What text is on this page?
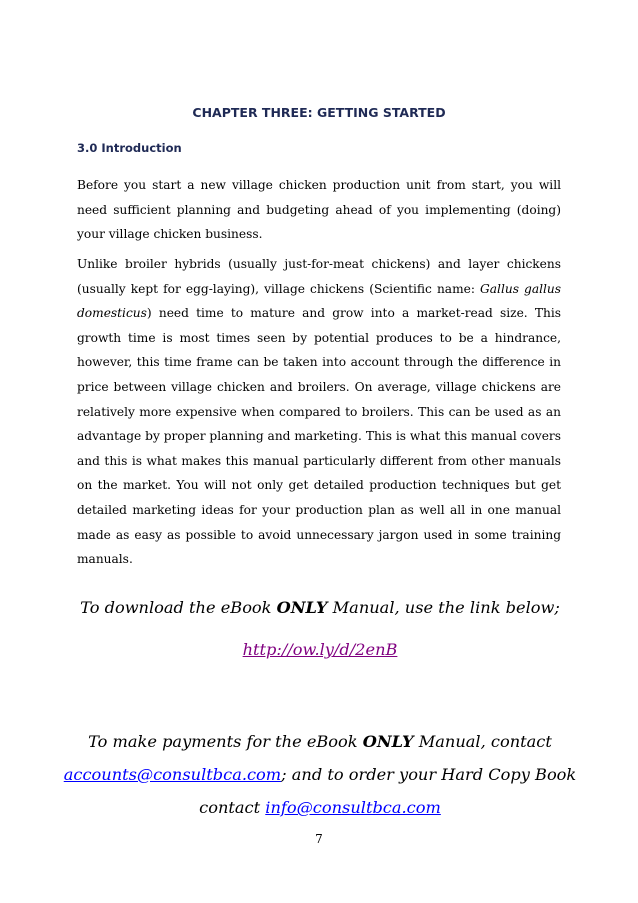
CHAPTER THREE: GETTING STARTED
3.0 Introduction

Before you start a new village chicken production unit from start, you will need sufficient planning and budgeting ahead of you implementing (doing) your village chicken business.

Unlike broiler hybrids (usually just-for-meat chickens) and layer chickens (usually kept for egg-laying), village chickens (Scientific name: Gallus gallus domesticus) need time to mature and grow into a market-read size. This growth time is most times seen by potential produces to be a hindrance, however, this time frame can be taken into account through the difference in price between village chicken and broilers. On average, village chickens are relatively more expensive when compared to broilers. This can be used as an advantage by proper planning and marketing. This is what this manual covers and this is what makes this manual particularly different from other manuals on the market. You will not only get detailed production techniques but get detailed marketing ideas for your production plan as well all in one manual made as easy as possible to avoid unnecessary jargon used in some training manuals.

To download the eBook ONLY Manual, use the link below;

http://ow.ly/d/2enB

To make payments for the eBook ONLY Manual, contact
accounts@consultbca.com; and to order your Hard Copy Book contact info@consultbca.com

7
